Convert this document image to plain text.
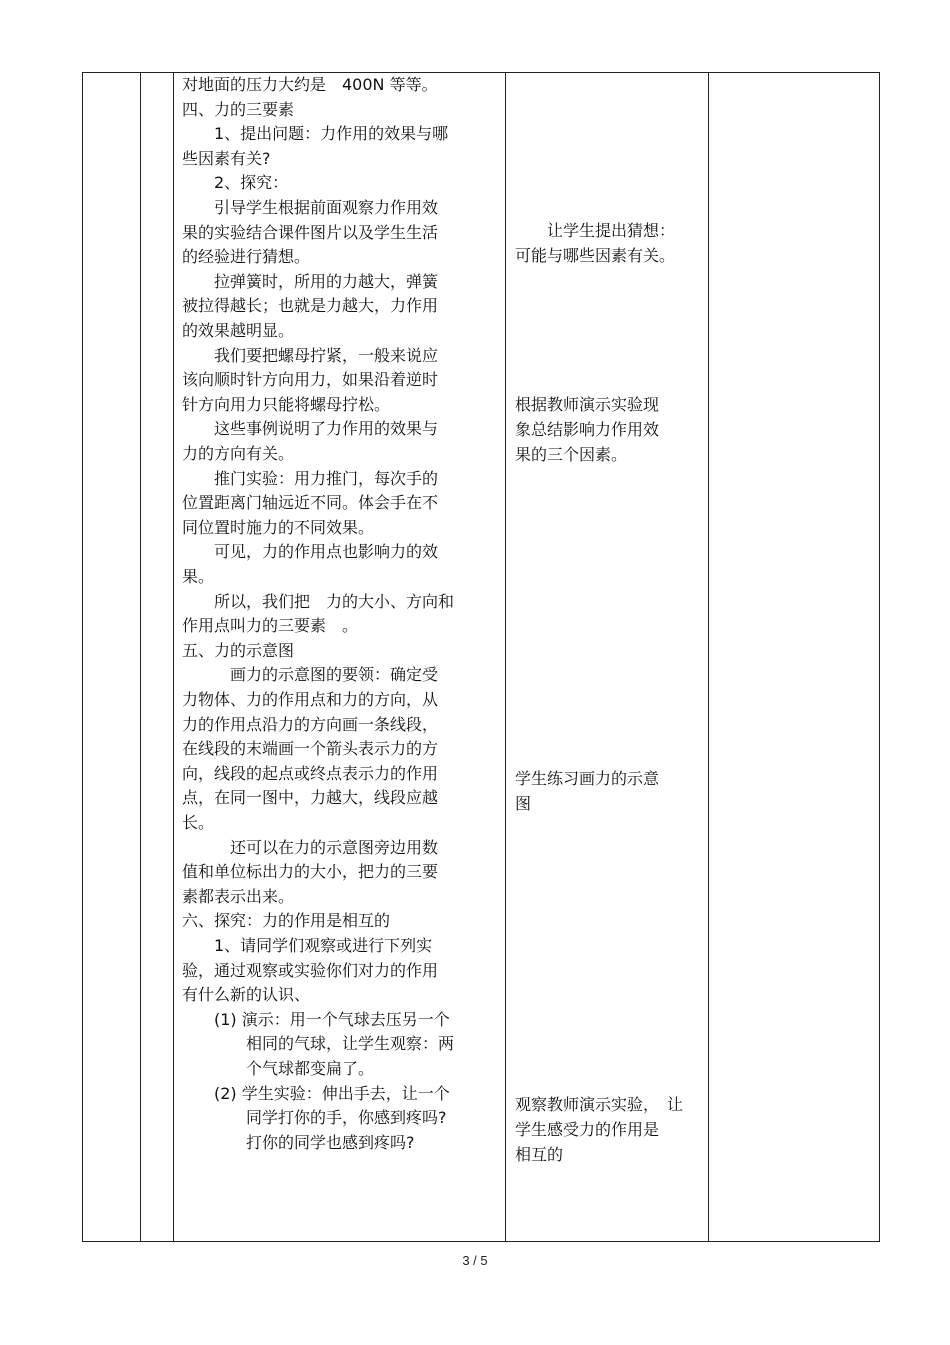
对地面的压力大约是　400N 等等。
四、力的三要素
　　1、提出问题：力作用的效果与哪
些因素有关?
　　2、探究：
　　引导学生根据前面观察力作用效
果的实验结合课件图片以及学生生活
的经验进行猜想。
　　拉弹簧时，所用的力越大，弹簧
被拉得越长；也就是力越大，力作用
的效果越明显。
　　我们要把螺母拧紧，一般来说应
该向顺时针方向用力，如果沿着逆时
针方向用力只能将螺母拧松。
　　这些事例说明了力作用的效果与
力的方向有关。
　　推门实验：用力推门，每次手的
位置距离门轴远近不同。体会手在不
同位置时施力的不同效果。
　　可见，力的作用点也影响力的效
果。
　　所以，我们把　力的大小、方向和
作用点叫力的三要素　。
五、力的示意图
　　　画力的示意图的要领：确定受
力物体、力的作用点和力的方向，从
力的作用点沿力的方向画一条线段，
在线段的末端画一个箭头表示力的方
向，线段的起点或终点表示力的作用
点，在同一图中，力越大，线段应越
长。
　　　还可以在力的示意图旁边用数
值和单位标出力的大小，把力的三要
素都表示出来。
六、探究：力的作用是相互的
　　1、请同学们观察或进行下列实
验，通过观察或实验你们对力的作用
有什么新的认识、
　　(1) 演示：用一个气球去压另一个
　　　　相同的气球，让学生观察：两
　　　　个气球都变扁了。
　　(2) 学生实验：伸出手去，让一个
　　　　同学打你的手，你感到疼吗?
　　　　打你的同学也感到疼吗?

　　让学生提出猜想：
可能与哪些因素有关。
根据教师演示实验现
象总结影响力作用效
果的三个因素。
学生练习画力的示意
图
观察教师演示实验，　让
学生感受力的作用是
相互的

3 / 5
